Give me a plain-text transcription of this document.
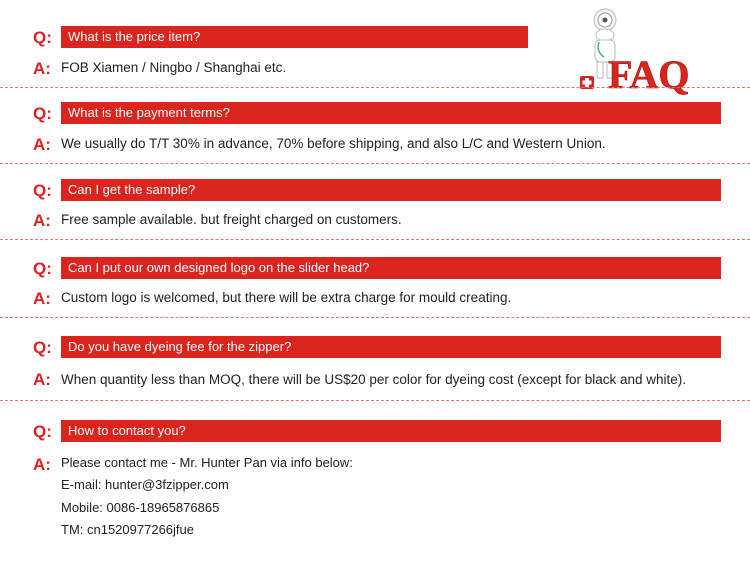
FAQ
Q:	What is the price item?
A: FOB Xiamen / Ningbo / Shanghai etc.
Q:	What is the payment terms?
A: We usually do T/T 30% in advance, 70% before shipping, and also L/C and Western Union.
Q:	Can I get the sample?
A: Free sample available. but freight charged on customers.
Q:	Can I put our own designed logo on the slider head?
A: Custom logo is welcomed, but there will be extra charge for mould creating.
Q:	Do you have dyeing fee for the zipper?
A: When quantity less than MOQ, there will be US$20 per color for dyeing cost (except for black and white).
Q:	How to contact you?
A: Please contact me - Mr. Hunter Pan via info below:
E-mail: hunter@3fzipper.com
Mobile: 0086-18965876865
TM: cn1520977266jfue
